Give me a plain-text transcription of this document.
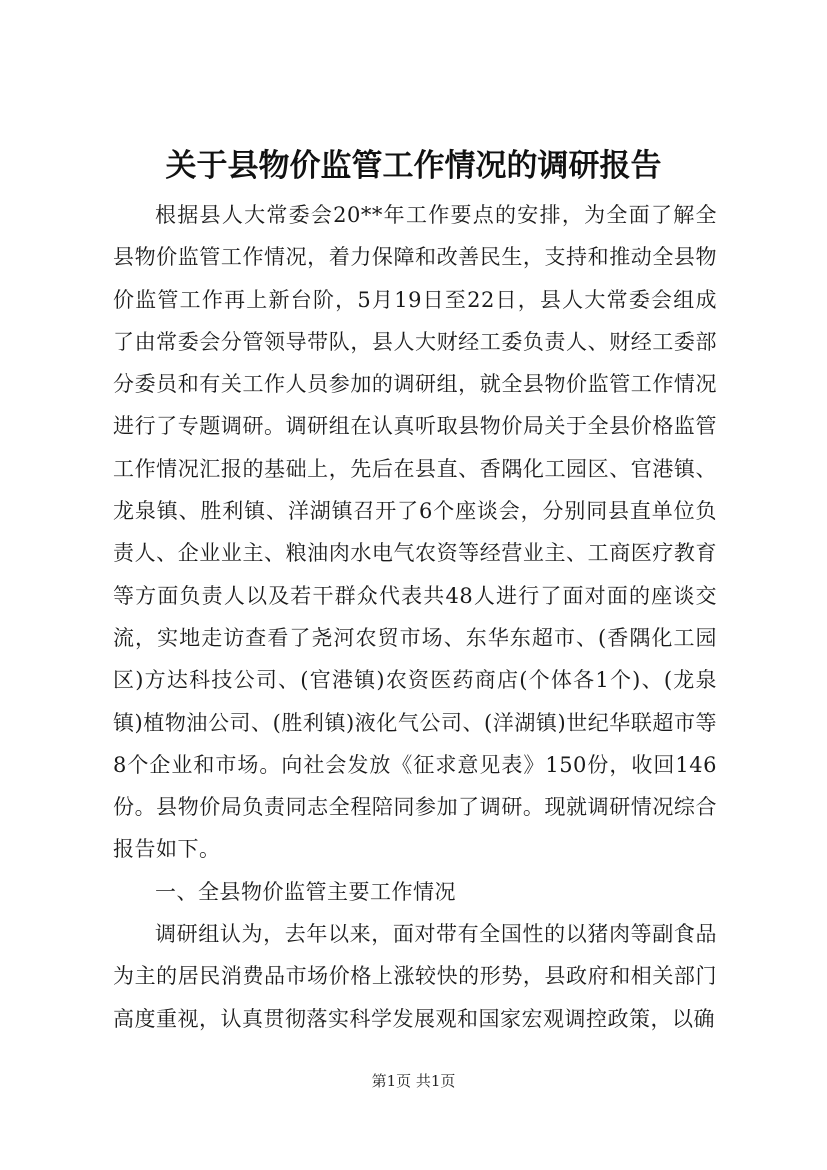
关于县物价监管工作情况的调研报告

根据县人大常委会20**年工作要点的安排，为全面了解全县物价监管工作情况，着力保障和改善民生，支持和推动全县物价监管工作再上新台阶，5月19日至22日，县人大常委会组成了由常委会分管领导带队，县人大财经工委负责人、财经工委部分委员和有关工作人员参加的调研组，就全县物价监管工作情况进行了专题调研。调研组在认真听取县物价局关于全县价格监管工作情况汇报的基础上，先后在县直、香隅化工园区、官港镇、龙泉镇、胜利镇、洋湖镇召开了6个座谈会，分别同县直单位负责人、企业业主、粮油肉水电气农资等经营业主、工商医疗教育等方面负责人以及若干群众代表共48人进行了面对面的座谈交流，实地走访查看了尧河农贸市场、东华东超市、(香隅化工园区)方达科技公司、(官港镇)农资医药商店(个体各1个)、(龙泉镇)植物油公司、(胜利镇)液化气公司、(洋湖镇)世纪华联超市等8个企业和市场。向社会发放《征求意见表》150份，收回146份。县物价局负责同志全程陪同参加了调研。现就调研情况综合报告如下。

一、全县物价监管主要工作情况

调研组认为，去年以来，面对带有全国性的以猪肉等副食品为主的居民消费品市场价格上涨较快的形势，县政府和相关部门高度重视，认真贯彻落实科学发展观和国家宏观调控政策，以确

第1页 共1页
